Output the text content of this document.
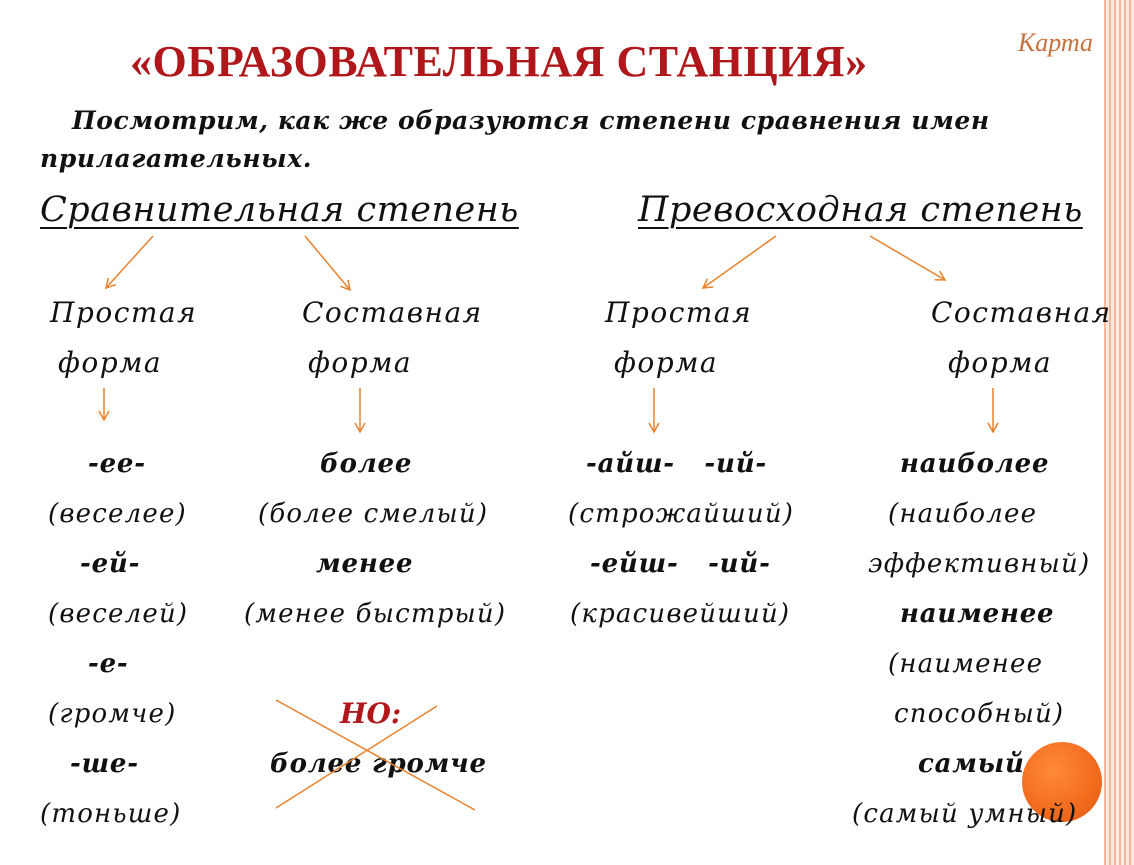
«ОБРАЗОВАТЕЛЬНАЯ СТАНЦИЯ»	Карта
Посмотрим, как же образуются степени сравнения имен прилагательных.
Сравнительная степень	Превосходная степень
Простая
форма
Составная
форма
Простая
форма
Составная
форма
-ее-
(веселее)
-ей-
(веселей)
-е-
(громче)
-ше-
(тоньше)
более
(более смелый)
менее
(менее быстрый)
НО:
более громче
-айш-   -ий-
(строжайший)
-ейш-   -ий-
(красивейший)
наиболее
(наиболее
эффективный)
наименее
(наименее
способный)
самый
(самый умный)
